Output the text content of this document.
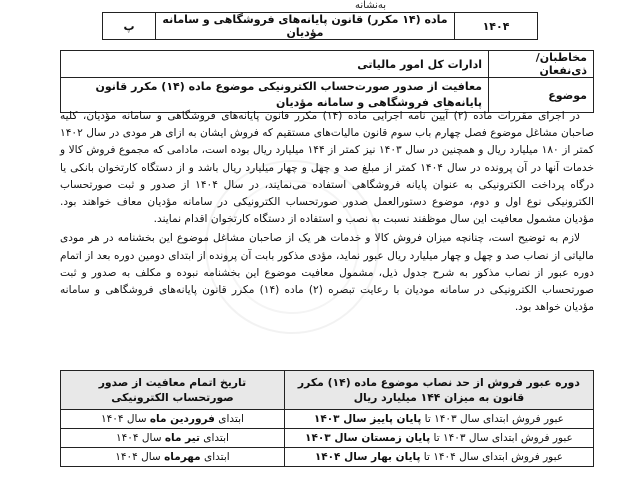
به‌نشانه
۱۴۰۴	ماده (۱۴ مکرر) قانون پایانه‌های فروشگاهی و سامانه مؤدیان	پ
مخاطبان/ذی‌نفعان	ادارات کل امور مالیاتی
موضوع	معافیت از صدور صورت‌حساب الکترونیکی موضوع ماده (۱۴) مکرر قانون پایانه‌های فروشگاهی و سامانه مؤدیان

در اجرای مقررات ماده (۲) آیین نامه اجرایی ماده (۱۴) مکرر قانون پایانه‌های فروشگاهی و سامانه مؤدیان، کلیه صاحبان مشاغل موضوع فصل چهارم باب سوم قانون مالیات‌های مستقیم که فروش ایشان به ازای هر مودی در سال ۱۴۰۲ کمتر از ۱۸۰ میلیارد ریال و همچنین در سال ۱۴۰۳ نیز کمتر از ۱۴۴ میلیارد ریال بوده است، مادامی که مجموع فروش کالا و خدمات آنها در آن پرونده در سال ۱۴۰۴ کمتر از مبلغ صد و چهل و چهار میلیارد ریال باشد و از دستگاه کارتخوان بانکی یا درگاه پرداخت الکترونیکی به عنوان پایانه فروشگاهی استفاده می‌نمایند، در سال ۱۴۰۴ از صدور و ثبت صورتحساب الکترونیکی نوع اول و دوم، موضوع دستورالعمل صدور صورتحساب الکترونیکی در سامانه مؤدیان معاف خواهند بود. مؤدیان مشمول معافیت این سال موظفند نسبت به نصب و استفاده از دستگاه کارتخوان اقدام نمایند.

لازم به توضیح است، چنانچه میزان فروش کالا و خدمات هر یک از صاحبان مشاغل موضوع این بخشنامه در هر مودی مالیاتی از نصاب صد و چهل و چهار میلیارد ریال عبور نماید، مؤدی مذکور بابت آن پرونده از ابتدای دومین دوره بعد از اتمام دوره عبور از نصاب مذکور به شرح جدول ذیل، مشمول معافیت موضوع این بخشنامه نبوده و مکلف به صدور و ثبت صورتحساب الکترونیکی در سامانه مودیان با رعایت تبصره (۲) ماده (۱۴) مکرر قانون پایانه‌های فروشگاهی و سامانه مؤدیان خواهد بود.

دوره عبور فروش از حد نصاب موضوع ماده (۱۴) مکرر قانون به میزان ۱۴۴ میلیارد ریال	تاریخ اتمام معافیت از صدور صورتحساب الکترونیکی
عبور فروش ابتدای سال ۱۴۰۳ تا پایان پاییز سال ۱۴۰۳	ابتدای فروردین ماه سال ۱۴۰۴
عبور فروش ابتدای سال ۱۴۰۳ تا پایان زمستان سال ۱۴۰۳	ابتدای تیر ماه سال ۱۴۰۴
عبور فروش ابتدای سال ۱۴۰۴ تا پایان بهار سال ۱۴۰۴	ابتدای مهرماه سال ۱۴۰۴
